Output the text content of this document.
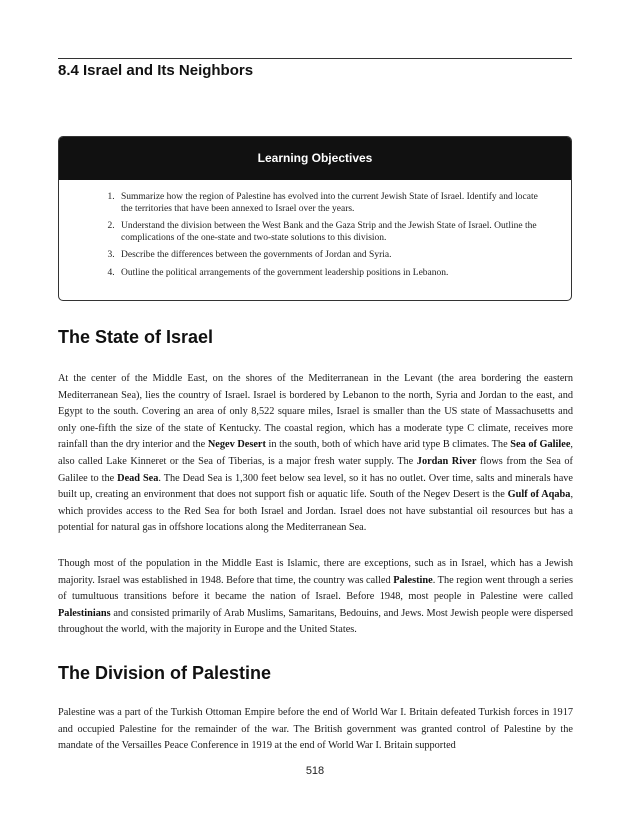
8.4 Israel and Its Neighbors
Learning Objectives
1. Summarize how the region of Palestine has evolved into the current Jewish State of Israel. Identify and locate the territories that have been annexed to Israel over the years.
2. Understand the division between the West Bank and the Gaza Strip and the Jewish State of Israel. Outline the complications of the one-state and two-state solutions to this division.
3. Describe the differences between the governments of Jordan and Syria.
4. Outline the political arrangements of the government leadership positions in Lebanon.
The State of Israel

At the center of the Middle East, on the shores of the Mediterranean in the Levant (the area bordering the eastern Mediterranean Sea), lies the country of Israel. Israel is bordered by Lebanon to the north, Syria and Jordan to the east, and Egypt to the south. Covering an area of only 8,522 square miles, Israel is smaller than the US state of Massachusetts and only one-fifth the size of the state of Kentucky. The coastal region, which has a moderate type C climate, receives more rainfall than the dry interior and the Negev Desert in the south, both of which have arid type B climates. The Sea of Galilee, also called Lake Kinneret or the Sea of Tiberias, is a major fresh water supply. The Jordan River flows from the Sea of Galilee to the Dead Sea. The Dead Sea is 1,300 feet below sea level, so it has no outlet. Over time, salts and minerals have built up, creating an environment that does not support fish or aquatic life. South of the Negev Desert is the Gulf of Aqaba, which provides access to the Red Sea for both Israel and Jordan. Israel does not have substantial oil resources but has a potential for natural gas in offshore locations along the Mediterranean Sea.

Though most of the population in the Middle East is Islamic, there are exceptions, such as in Israel, which has a Jewish majority. Israel was established in 1948. Before that time, the country was called Palestine. The region went through a series of tumultuous transitions before it became the nation of Israel. Before 1948, most people in Palestine were called Palestinians and consisted primarily of Arab Muslims, Samaritans, Bedouins, and Jews. Most Jewish people were dispersed throughout the world, with the majority in Europe and the United States.

The Division of Palestine

Palestine was a part of the Turkish Ottoman Empire before the end of World War I. Britain defeated Turkish forces in 1917 and occupied Palestine for the remainder of the war. The British government was granted control of Palestine by the mandate of the Versailles Peace Conference in 1919 at the end of World War I. Britain supported

518
